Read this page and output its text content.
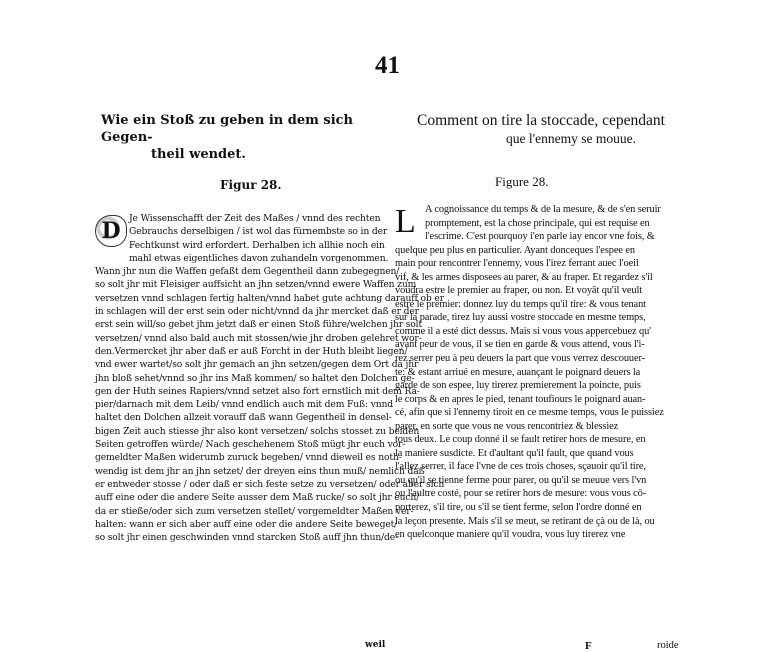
41
Wie ein Stoß zu geben in dem sich Gegen-
theil wendet.
Figur 28.
D Je Wissenschafft der Zeit des Maßes / vnnd des rechten
Gebrauchs derselbigen / ist wol das fürnembste so in der
Fechtkunst wird erfordert. Derhalben ich allhie noch ein
mahl etwas eigentliches davon zuhandeln vorgenommen.
Wann jhr nun die Waffen gefaßt dem Gegentheil dann zubegegnen/
so solt jhr mit Fleisiger auffsicht an jhn setzen/vnnd ewere Waffen zum
versetzen vnnd schlagen fertig halten/vnnd habet gute achtung darauff ob er
in schlagen will der erst sein oder nicht/vnnd da jhr mercket daß er der
erst sein will/so gebet jhm jetzt daß er einen Stoß führe/welchen jhr solt
versetzen/ vnnd also bald auch mit stossen/wie jhr droben gelehret wor-
den.Vermercket jhr aber daß er auß Forcht in der Huth bleibt liegen/
vnd ewer wartet/so solt jhr gemach an jhn setzen/gegen dem Ort da jhr
jhn bloß sehet/vnnd so jhr ins Maß kommen/ so haltet den Dolchen ge-
gen der Huth seines Rapiers/vnnd setzet also fort ernstlich mit dem Ra-
pier/darnach mit dem Leib/ vnnd endlich auch mit dem Fuß: vnnd
haltet den Dolchen allzeit vorauff daß wann Gegentheil in densel-
bigen Zeit auch stiesse jhr also kont versetzen/ solchs stosset zu beiden
Seiten getroffen würde/ Nach geschehenem Stoß mügt jhr euch vor-
gemeldter Maßen widerumb zuruck begeben/ vnnd dieweil es noth-
wendig ist dem jhr an jhn setzet/ der dreyen eins thun muß/ nemlich daß
er entweder stosse / oder daß er sich feste setze zu versetzen/ oder aber sich
auff eine oder die andere Seite ausser dem Maß rucke/ so solt jhr euch/
da er stieße/oder sich zum versetzen stellet/ vorgemeldter Maßen ver-
halten: wann er sich aber auff eine oder die andere Seite beweget/
so solt jhr einen geschwinden vnnd starcken Stoß auff jhn thun/de-
weil
Comment on tire la stoccade, cependant
que l'ennemy se mouue.
Figure 28.
L A cognoissance du temps & de la mesure, & de s'en seruir
promptement, est la chose principale, qui est requise en
l'escrime. C'est pourquoy i'en parle iay encor vne fois, &
quelque peu plus en particulier. Ayant donceques l'espee en
main pour rencontrer l'ennemy, vous l'irez ferrant auec l'oeil
vif, & les armes disposees au parer, & au fraper. Et regardez s'il
voudra estre le premier au fraper, ou non. Et voyāt qu'il veult
estre le premier: donnez luy du temps qu'il tire: & vous tenant
sur la parade, tirez luy aussi vostre stoccade en mesme temps,
comme il a esté dict dessus. Mais si vous vous appercebuez qu'
ayant peur de vous, il se tien en garde & vous attend, vous l'i-
rez serrer peu à peu deuers la part que vous verrez descouuer-
te: & estant arriué en mesure, auançant le poignard deuers la
garde de son espee, luy tirerez premierement la poincte, puis
le corps & en apres le pied, tenant toufiours le poignard auan-
cé, afin que si l'ennemy tiroit en ce mesme temps, vous le puissiez
parer, en sorte que vous ne vous rencontriez & blessiez
tous deux. Le coup donné il se fault retirer hors de mesure, en
la maniere susdicte. Et d'aultant qu'il fault, que quand vous
l'allez serrer, il face l'vne de ces trois choses, sçauoir qu'il tire,
ou qu'il se tienne ferme pour parer, ou qu'il se meuue vers l'vn
ou l'aultre costé, pour se retirer hors de mesure: vous vous cō-
porterez, s'il tire, ou s'il se tient ferme, selon l'ordre donné en
la leçon presente. Mais s'il se meut, se retirant de çà ou de là, ou
en quelconque maniere qu'il voudra, vous luy tirerez vne
F	roide
